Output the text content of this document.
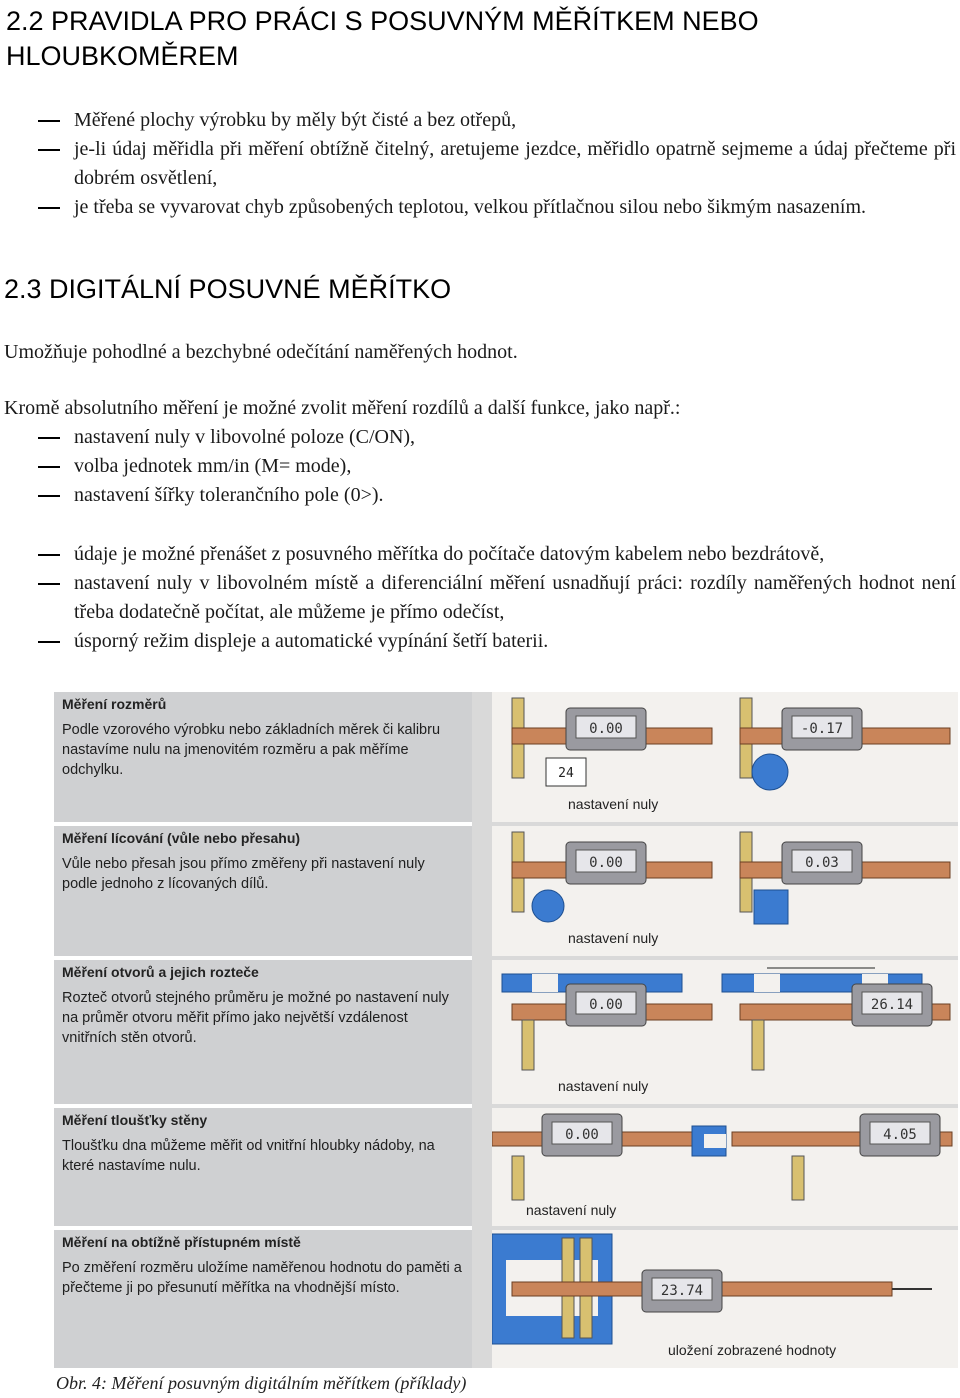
2.2 PRAVIDLA PRO PRÁCI S POSUVNÝM MĚŘÍTKEM NEBO HLOUBKOMĚREM
Měřené plochy výrobku by měly být čisté a bez otřepů,
je-li údaj měřidla při měření obtížně čitelný, aretujeme jezdce, měřidlo opatrně sejmeme a údaj přečteme při dobrém osvětlení,
je třeba se vyvarovat chyb způsobených teplotou, velkou přítlačnou silou nebo šikmým nasazením.
2.3 DIGITÁLNÍ POSUVNÉ MĚŘÍTKO

Umožňuje pohodlné a bezchybné odečítání naměřených hodnot.

Kromě absolutního měření je možné zvolit měření rozdílů a další funkce, jako např.:

nastavení nuly v libovolné poloze (C/ON),
volba jednotek mm/in (M= mode),
nastavení šířky tolerančního pole (0>).
údaje je možné přenášet z posuvného měřítka do počítače datovým kabelem nebo bezdrátově,
nastavení nuly v libovolném místě a diferenciální měření usnadňují práci: rozdíly naměřených hodnot není třeba dodatečně počítat, ale můžeme je přímo odečíst,
úsporný režim displeje a automatické vypínání šetří baterii.
Měření rozměrů
Podle vzorového výrobku nebo základních měrek či kalibru nastavíme nulu na jmenovitém rozměru a pak měříme odchylku.
0.00
24
-0.17
nastavení nuly
Měření lícování (vůle nebo přesahu)
Vůle nebo přesah jsou přímo změřeny při nastavení nuly podle jednoho z lícovaných dílů.
0.00	0.03
nastavení nuly
Měření otvorů a jejich rozteče
Rozteč otvorů stejného průměru je možné po nastavení nuly na průměr otvoru měřit přímo jako největší vzdálenost vnitřních stěn otvorů.
0.00	26.14
nastavení nuly
Měření tloušťky stěny
Tloušťku dna můžeme měřit od vnitřní hloubky nádoby, na které nastavíme nulu.
0.00	4.05
nastavení nuly
Měření na obtížně přístupném místě
Po změření rozměru uložíme naměřenou hodnotu do paměti a přečteme ji po přesunutí měřítka na vhodnější místo.	23.74
uložení zobrazené hodnoty
Obr. 4: Měření posuvným digitálním měřítkem (příklady)
